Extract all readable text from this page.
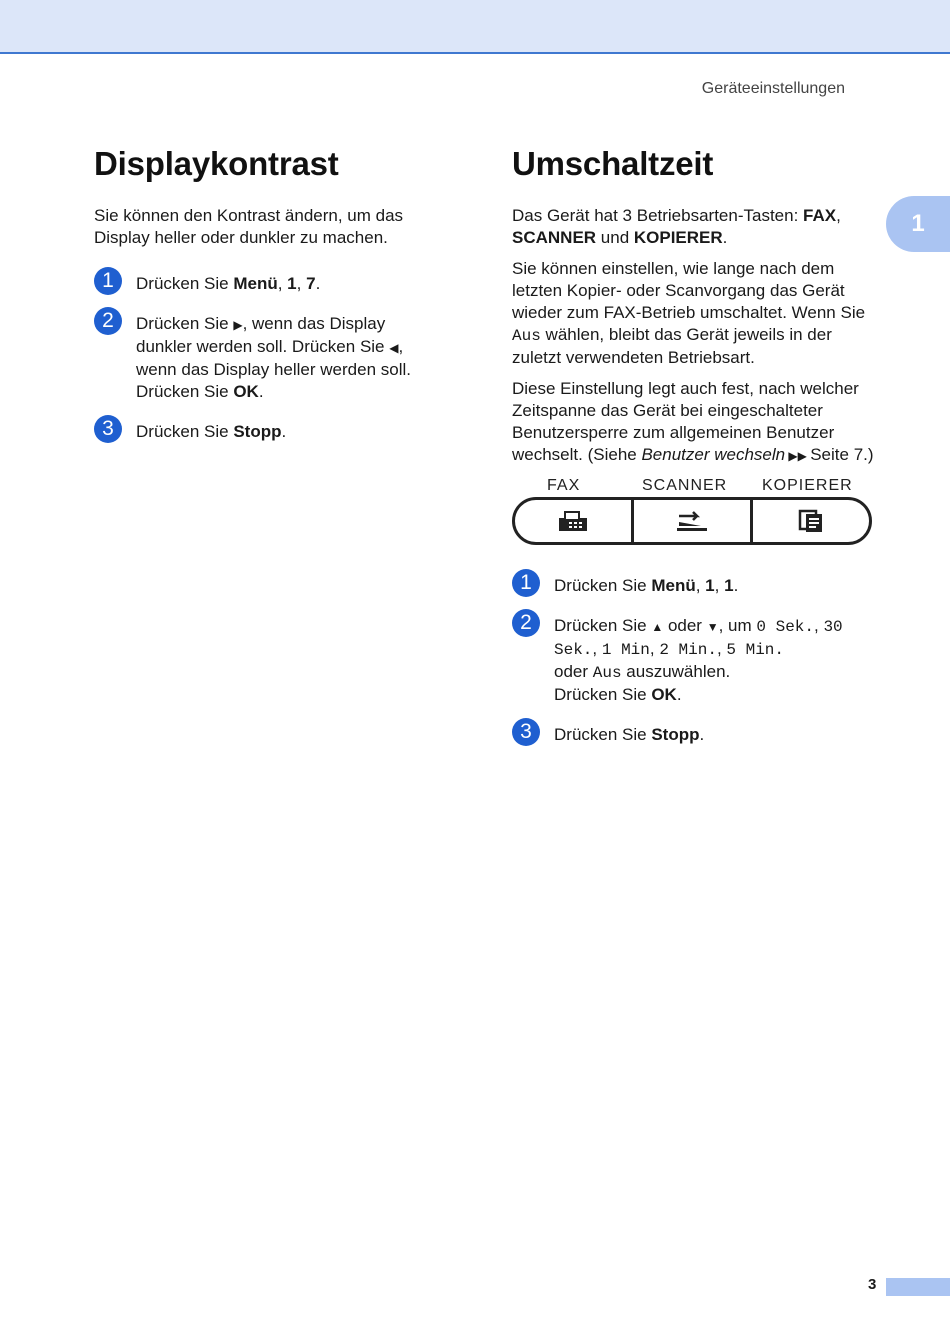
Geräteeinstellungen
1
Displaykontrast

Sie können den Kontrast ändern, um das Display heller oder dunkler zu machen.

1	Drücken Sie Menü, 1, 7.
2	Drücken Sie ▶, wenn das Display dunkler werden soll. Drücken Sie ◀, wenn das Display heller werden soll.
Drücken Sie OK.
3	Drücken Sie Stopp.
Umschaltzeit

Das Gerät hat 3 Betriebsarten-Tasten: FAX, SCANNER und KOPIERER.

Sie können einstellen, wie lange nach dem letzten Kopier- oder Scanvorgang das Gerät wieder zum FAX-Betrieb umschaltet. Wenn Sie Aus wählen, bleibt das Gerät jeweils in der zuletzt verwendeten Betriebsart.

Diese Einstellung legt auch fest, nach welcher Zeitspanne das Gerät bei eingeschalteter Benutzersperre zum allgemeinen Benutzer wechselt. (Siehe Benutzer wechseln ▶▶ Seite 7.)

FAX	SCANNER KOPIERER
1	Drücken Sie Menü, 1, 1.
2	Drücken Sie ▲ oder ▼, um 0 Sek., 30 Sek., 1 Min, 2 Min., 5 Min.
oder Aus auszuwählen.
Drücken Sie OK.
3	Drücken Sie Stopp.
3
